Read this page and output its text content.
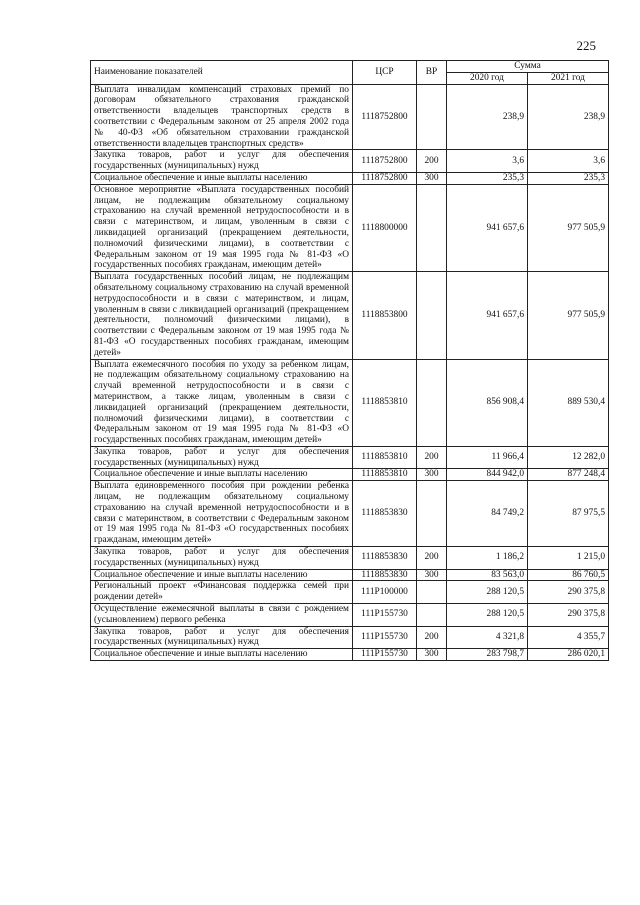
225
Наименование показателей	ЦСР	ВР	Сумма	
			2020 год	2021 год
Выплата инвалидам компенсаций страховых премий по договорам обязательного страхования гражданской ответственности владельцев транспортных средств в соответствии с Федеральным законом от 25 апреля 2002 года № 40-ФЗ «Об обязательном страховании гражданской ответственности владельцев транспортных средств»	1118752800		238,9	238,9
Закупка товаров, работ и услуг для обеспечения государственных (муниципальных) нужд	1118752800	200	3,6	3,6
Социальное обеспечение и иные выплаты населению	1118752800	300	235,3	235,3
Основное мероприятие «Выплата государственных пособий лицам, не подлежащим обязательному социальному страхованию на случай временной нетрудоспособности и в связи с материнством, и лицам, уволенным в связи с ликвидацией организаций (прекращением деятельности, полномочий физическими лицами), в соответствии с Федеральным законом от 19 мая 1995 года № 81-ФЗ «О государственных пособиях гражданам, имеющим детей»	1118800000		941 657,6	977 505,9
Выплата государственных пособий лицам, не подлежащим обязательному социальному страхованию на случай временной нетрудоспособности и в связи с материнством, и лицам, уволенным в связи с ликвидацией организаций (прекращением деятельности, полномочий физическими лицами), в соответствии с Федеральным законом от 19 мая 1995 года № 81-ФЗ «О государственных пособиях гражданам, имеющим детей»	1118853800		941 657,6	977 505,9
Выплата ежемесячного пособия по уходу за ребенком лицам, не подлежащим обязательному социальному страхованию на случай временной нетрудоспособности и в связи с материнством, а также лицам, уволенным в связи с ликвидацией организаций (прекращением деятельности, полномочий физическими лицами), в соответствии с Федеральным законом от 19 мая 1995 года № 81-ФЗ «О государственных пособиях гражданам, имеющим детей»	1118853810		856 908,4	889 530,4
Закупка товаров, работ и услуг для обеспечения государственных (муниципальных) нужд	1118853810	200	11 966,4	12 282,0
Социальное обеспечение и иные выплаты населению	1118853810	300	844 942,0	877 248,4
Выплата единовременного пособия при рождении ребенка лицам, не подлежащим обязательному социальному страхованию на случай временной нетрудоспособности и в связи с материнством, в соответствии с Федеральным законом от 19 мая 1995 года № 81-ФЗ «О государственных пособиях гражданам, имеющим детей»	1118853830		84 749,2	87 975,5
Закупка товаров, работ и услуг для обеспечения государственных (муниципальных) нужд	1118853830	200	1 186,2	1 215,0
Социальное обеспечение и иные выплаты населению	1118853830	300	83 563,0	86 760,5
Региональный проект «Финансовая поддержка семей при рождении детей»	111P100000		288 120,5	290 375,8
Осуществление ежемесячной выплаты в связи с рождением (усыновлением) первого ребенка	111P155730		288 120,5	290 375,8
Закупка товаров, работ и услуг для обеспечения государственных (муниципальных) нужд	111P155730	200	4 321,8	4 355,7
Социальное обеспечение и иные выплаты населению	111P155730	300	283 798,7	286 020,1
